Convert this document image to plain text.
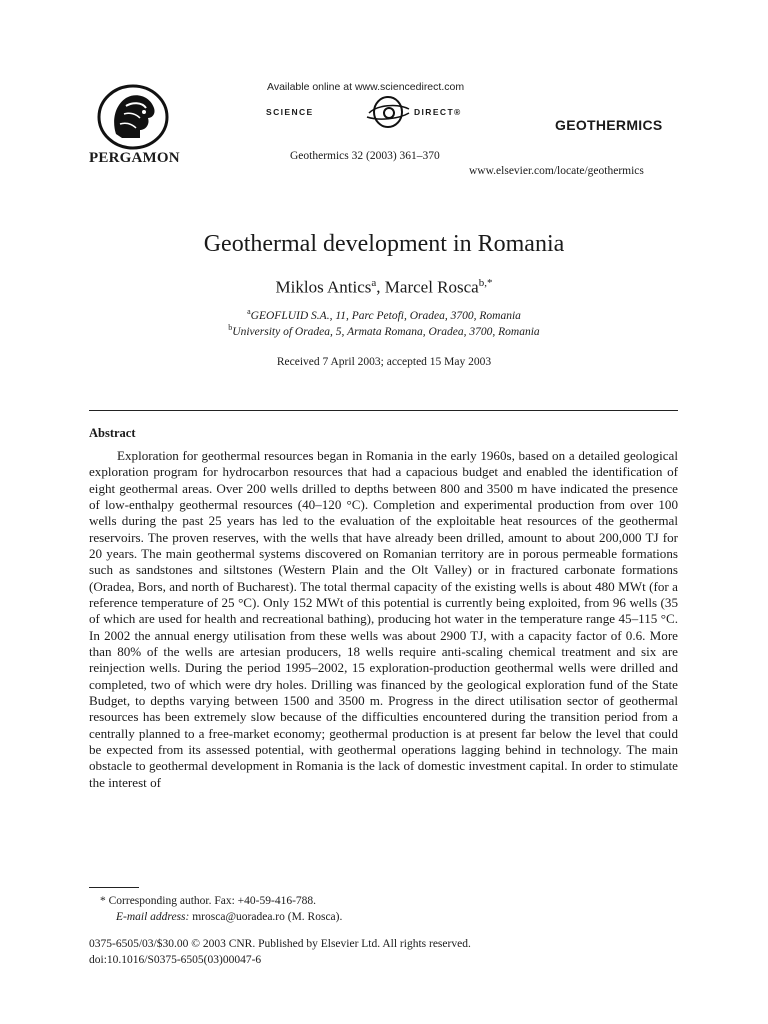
PERGAMON
Available online at www.sciencedirect.com
SCIENCE	DIRECT®
GEOTHERMICS
Geothermics 32 (2003) 361–370
www.elsevier.com/locate/geothermics
Geothermal development in Romania
Miklos Antics$^a$, Marcel Rosca$^{b,*}$
$^a$GEOFLUID S.A., 11, Parc Petofi, Oradea, 3700, Romania
$^b$University of Oradea, 5, Armata Romana, Oradea, 3700, Romania
Received 7 April 2003; accepted 15 May 2003
Abstract

Exploration for geothermal resources began in Romania in the early 1960s, based on a detailed geological exploration program for hydrocarbon resources that had a capacious budget and enabled the identification of eight geothermal areas. Over 200 wells drilled to depths between 800 and 3500 m have indicated the presence of low-enthalpy geothermal resources (40–120 °C). Completion and experimental production from over 100 wells during the past 25 years has led to the evaluation of the exploitable heat resources of the geothermal reservoirs. The proven reserves, with the wells that have already been drilled, amount to about 200,000 TJ for 20 years. The main geothermal systems discovered on Romanian territory are in porous permeable formations such as sandstones and siltstones (Western Plain and the Olt Valley) or in fractured carbonate formations (Oradea, Bors, and north of Bucharest). The total thermal capacity of the existing wells is about 480 MWt (for a reference temperature of 25 °C). Only 152 MWt of this potential is currently being exploited, from 96 wells (35 of which are used for health and recreational bathing), producing hot water in the temperature range 45–115 °C. In 2002 the annual energy utilisation from these wells was about 2900 TJ, with a capacity factor of 0.6. More than 80% of the wells are artesian producers, 18 wells require anti-scaling chemical treatment and six are reinjection wells. During the period 1995–2002, 15 exploration-production geothermal wells were drilled and completed, two of which were dry holes. Drilling was financed by the geological exploration fund of the State Budget, to depths varying between 1500 and 3500 m. Progress in the direct utilisation sector of geothermal resources has been extremely slow because of the difficulties encountered during the transition period from a centrally planned to a free-market economy; geothermal production is at present far below the level that could be expected from its assessed potential, with geothermal operations lagging behind in technology. The main obstacle to geothermal development in Romania is the lack of domestic investment capital. In order to stimulate the interest of

* Corresponding author. Fax: +40-59-416-788.
E-mail address: mrosca@uoradea.ro (M. Rosca).
0375-6505/03/$30.00 © 2003 CNR. Published by Elsevier Ltd. All rights reserved.
doi:10.1016/S0375-6505(03)00047-6
